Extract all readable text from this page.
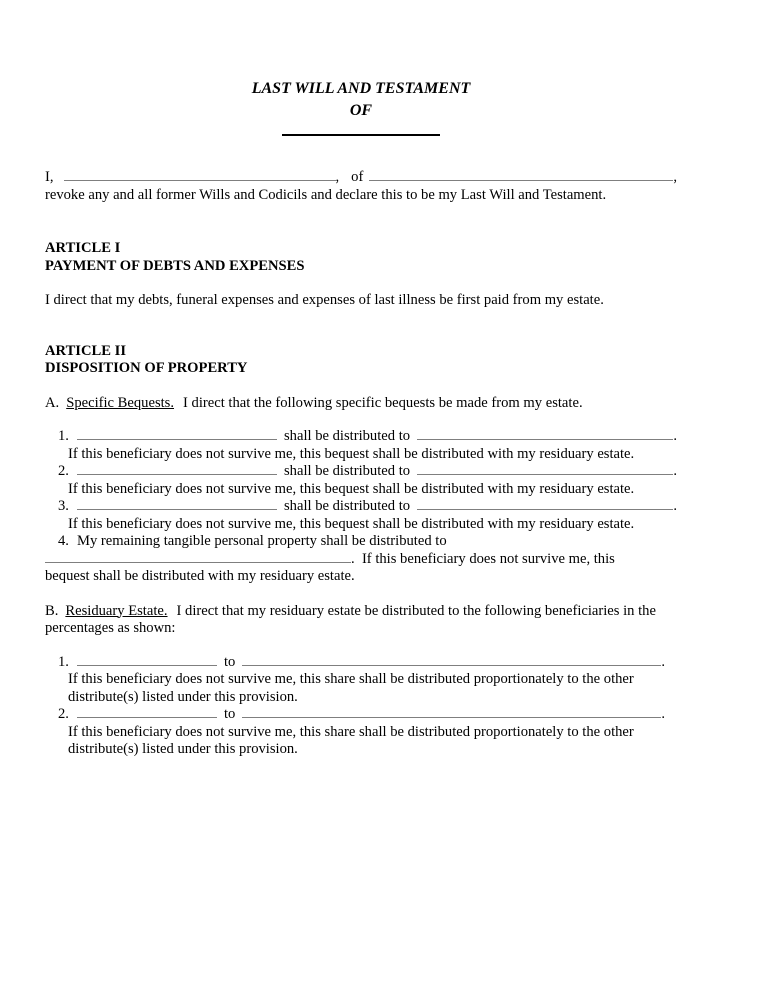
LAST WILL AND TESTAMENT
OF
I,	, of	,
revoke any and all former Wills and Codicils and declare this to be my Last Will and Testament.
ARTICLE I
PAYMENT OF DEBTS AND EXPENSES
I direct that my debts, funeral expenses and expenses of last illness be first paid from my estate.
ARTICLE II
DISPOSITION OF PROPERTY
A. Specific Bequests. I direct that the following specific bequests be made from my estate.
1.	shall be distributed to	.
If this beneficiary does not survive me, this bequest shall be distributed with my residuary estate.
2.	shall be distributed to	.
If this beneficiary does not survive me, this bequest shall be distributed with my residuary estate.
3.	shall be distributed to	.
If this beneficiary does not survive me, this bequest shall be distributed with my residuary estate.
4. My remaining tangible personal property shall be distributed to
.  If this beneficiary does not survive me, this
bequest shall be distributed with my residuary estate.
B. Residuary Estate. I direct that my residuary estate be distributed to the following beneficiaries in the
percentages as shown:
1.	to	.
If this beneficiary does not survive me, this share shall be distributed proportionately to the other
distribute(s) listed under this provision.
2.	to	.
If this beneficiary does not survive me, this share shall be distributed proportionately to the other
distribute(s) listed under this provision.
